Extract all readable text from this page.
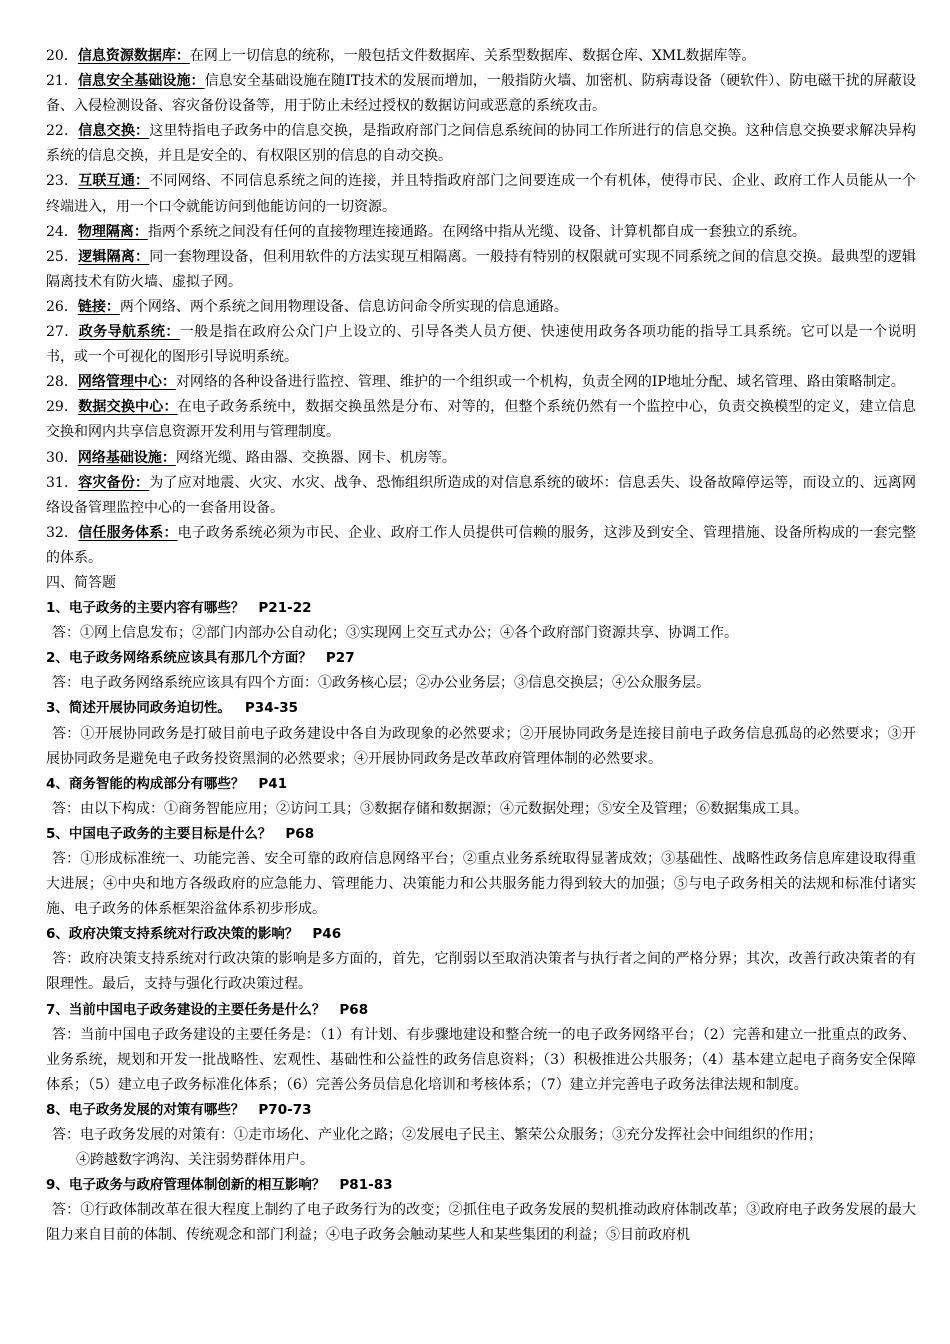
20．信息资源数据库：在网上一切信息的统称，一般包括文件数据库、关系型数据库、数据仓库、XML数据库等。

21．信息安全基础设施：信息安全基础设施在随IT技术的发展而增加，一般指防火墙、加密机、防病毒设备（硬软件）、防电磁干扰的屏蔽设备、入侵检测设备、容灾备份设备等，用于防止未经过授权的数据访问或恶意的系统攻击。

22．信息交换：这里特指电子政务中的信息交换，是指政府部门之间信息系统间的协同工作所进行的信息交换。这种信息交换要求解决异构系统的信息交换，并且是安全的、有权限区别的信息的自动交换。

23．互联互通：不同网络、不同信息系统之间的连接，并且特指政府部门之间要连成一个有机体，使得市民、企业、政府工作人员能从一个终端进入，用一个口令就能访问到他能访问的一切资源。

24．物理隔离：指两个系统之间没有任何的直接物理连接通路。在网络中指从光缆、设备、计算机都自成一套独立的系统。

25．逻辑隔离：同一套物理设备，但利用软件的方法实现互相隔离。一般持有特别的权限就可实现不同系统之间的信息交换。最典型的逻辑隔离技术有防火墙、虚拟子网。

26．链接：两个网络、两个系统之间用物理设备、信息访问命令所实现的信息通路。

27．政务导航系统：一般是指在政府公众门户上设立的、引导各类人员方便、快速使用政务各项功能的指导工具系统。它可以是一个说明书，或一个可视化的图形引导说明系统。

28．网络管理中心：对网络的各种设备进行监控、管理、维护的一个组织或一个机构，负责全网的IP地址分配、域名管理、路由策略制定。

29．数据交换中心：在电子政务系统中，数据交换虽然是分布、对等的，但整个系统仍然有一个监控中心，负责交换模型的定义，建立信息交换和网内共享信息资源开发利用与管理制度。

30．网络基础设施：网络光缆、路由器、交换器、网卡、机房等。

31．容灾备份：为了应对地震、火灾、水灾、战争、恐怖组织所造成的对信息系统的破坏：信息丢失、设备故障停运等，而设立的、远离网络设备管理监控中心的一套备用设备。

32．信任服务体系：电子政务系统必须为市民、企业、政府工作人员提供可信赖的服务，这涉及到安全、管理措施、设备所构成的一套完整的体系。

四、简答题

1、电子政务的主要内容有哪些？ P21-22

答：①网上信息发布；②部门内部办公自动化；③实现网上交互式办公；④各个政府部门资源共享、协调工作。

2、电子政务网络系统应该具有那几个方面？ P27

答：电子政务网络系统应该具有四个方面：①政务核心层；②办公业务层；③信息交换层；④公众服务层。

3、简述开展协同政务迫切性。 P34-35

答：①开展协同政务是打破目前电子政务建设中各自为政现象的必然要求；②开展协同政务是连接目前电子政务信息孤岛的必然要求；③开展协同政务是避免电子政务投资黑洞的必然要求；④开展协同政务是改革政府管理体制的必然要求。

4、商务智能的构成部分有哪些？ P41

答：由以下构成：①商务智能应用；②访问工具；③数据存储和数据源；④元数据处理；⑤安全及管理；⑥数据集成工具。

5、中国电子政务的主要目标是什么？ P68

答：①形成标准统一、功能完善、安全可靠的政府信息网络平台；②重点业务系统取得显著成效；③基础性、战略性政务信息库建设取得重大进展；④中央和地方各级政府的应急能力、管理能力、决策能力和公共服务能力得到较大的加强；⑤与电子政务相关的法规和标准付诸实施、电子政务的体系框架浴盆体系初步形成。

6、政府决策支持系统对行政决策的影响？ P46

答：政府决策支持系统对行政决策的影响是多方面的，首先，它削弱以至取消决策者与执行者之间的严格分界；其次，改善行政决策者的有限理性。最后，支持与强化行政决策过程。

7、当前中国电子政务建设的主要任务是什么？ P68

答：当前中国电子政务建设的主要任务是：（1）有计划、有步骤地建设和整合统一的电子政务网络平台；（2）完善和建立一批重点的政务、业务系统，规划和开发一批战略性、宏观性、基础性和公益性的政务信息资料；（3）积极推进公共服务；（4）基本建立起电子商务安全保障体系；（5）建立电子政务标准化体系；（6）完善公务员信息化培训和考核体系；（7）建立并完善电子政务法律法规和制度。

8、电子政务发展的对策有哪些？ P70-73

答：电子政务发展的对策有：①走市场化、产业化之路；②发展电子民主、繁荣公众服务；③充分发挥社会中间组织的作用；

④跨越数字鸿沟、关注弱势群体用户。

9、电子政务与政府管理体制创新的相互影响？ P81-83

答：①行政体制改革在很大程度上制约了电子政务行为的改变；②抓住电子政务发展的契机推动政府体制改革；③政府电子政务发展的最大阻力来自目前的体制、传统观念和部门利益；④电子政务会触动某些人和某些集团的利益；⑤目前政府机
